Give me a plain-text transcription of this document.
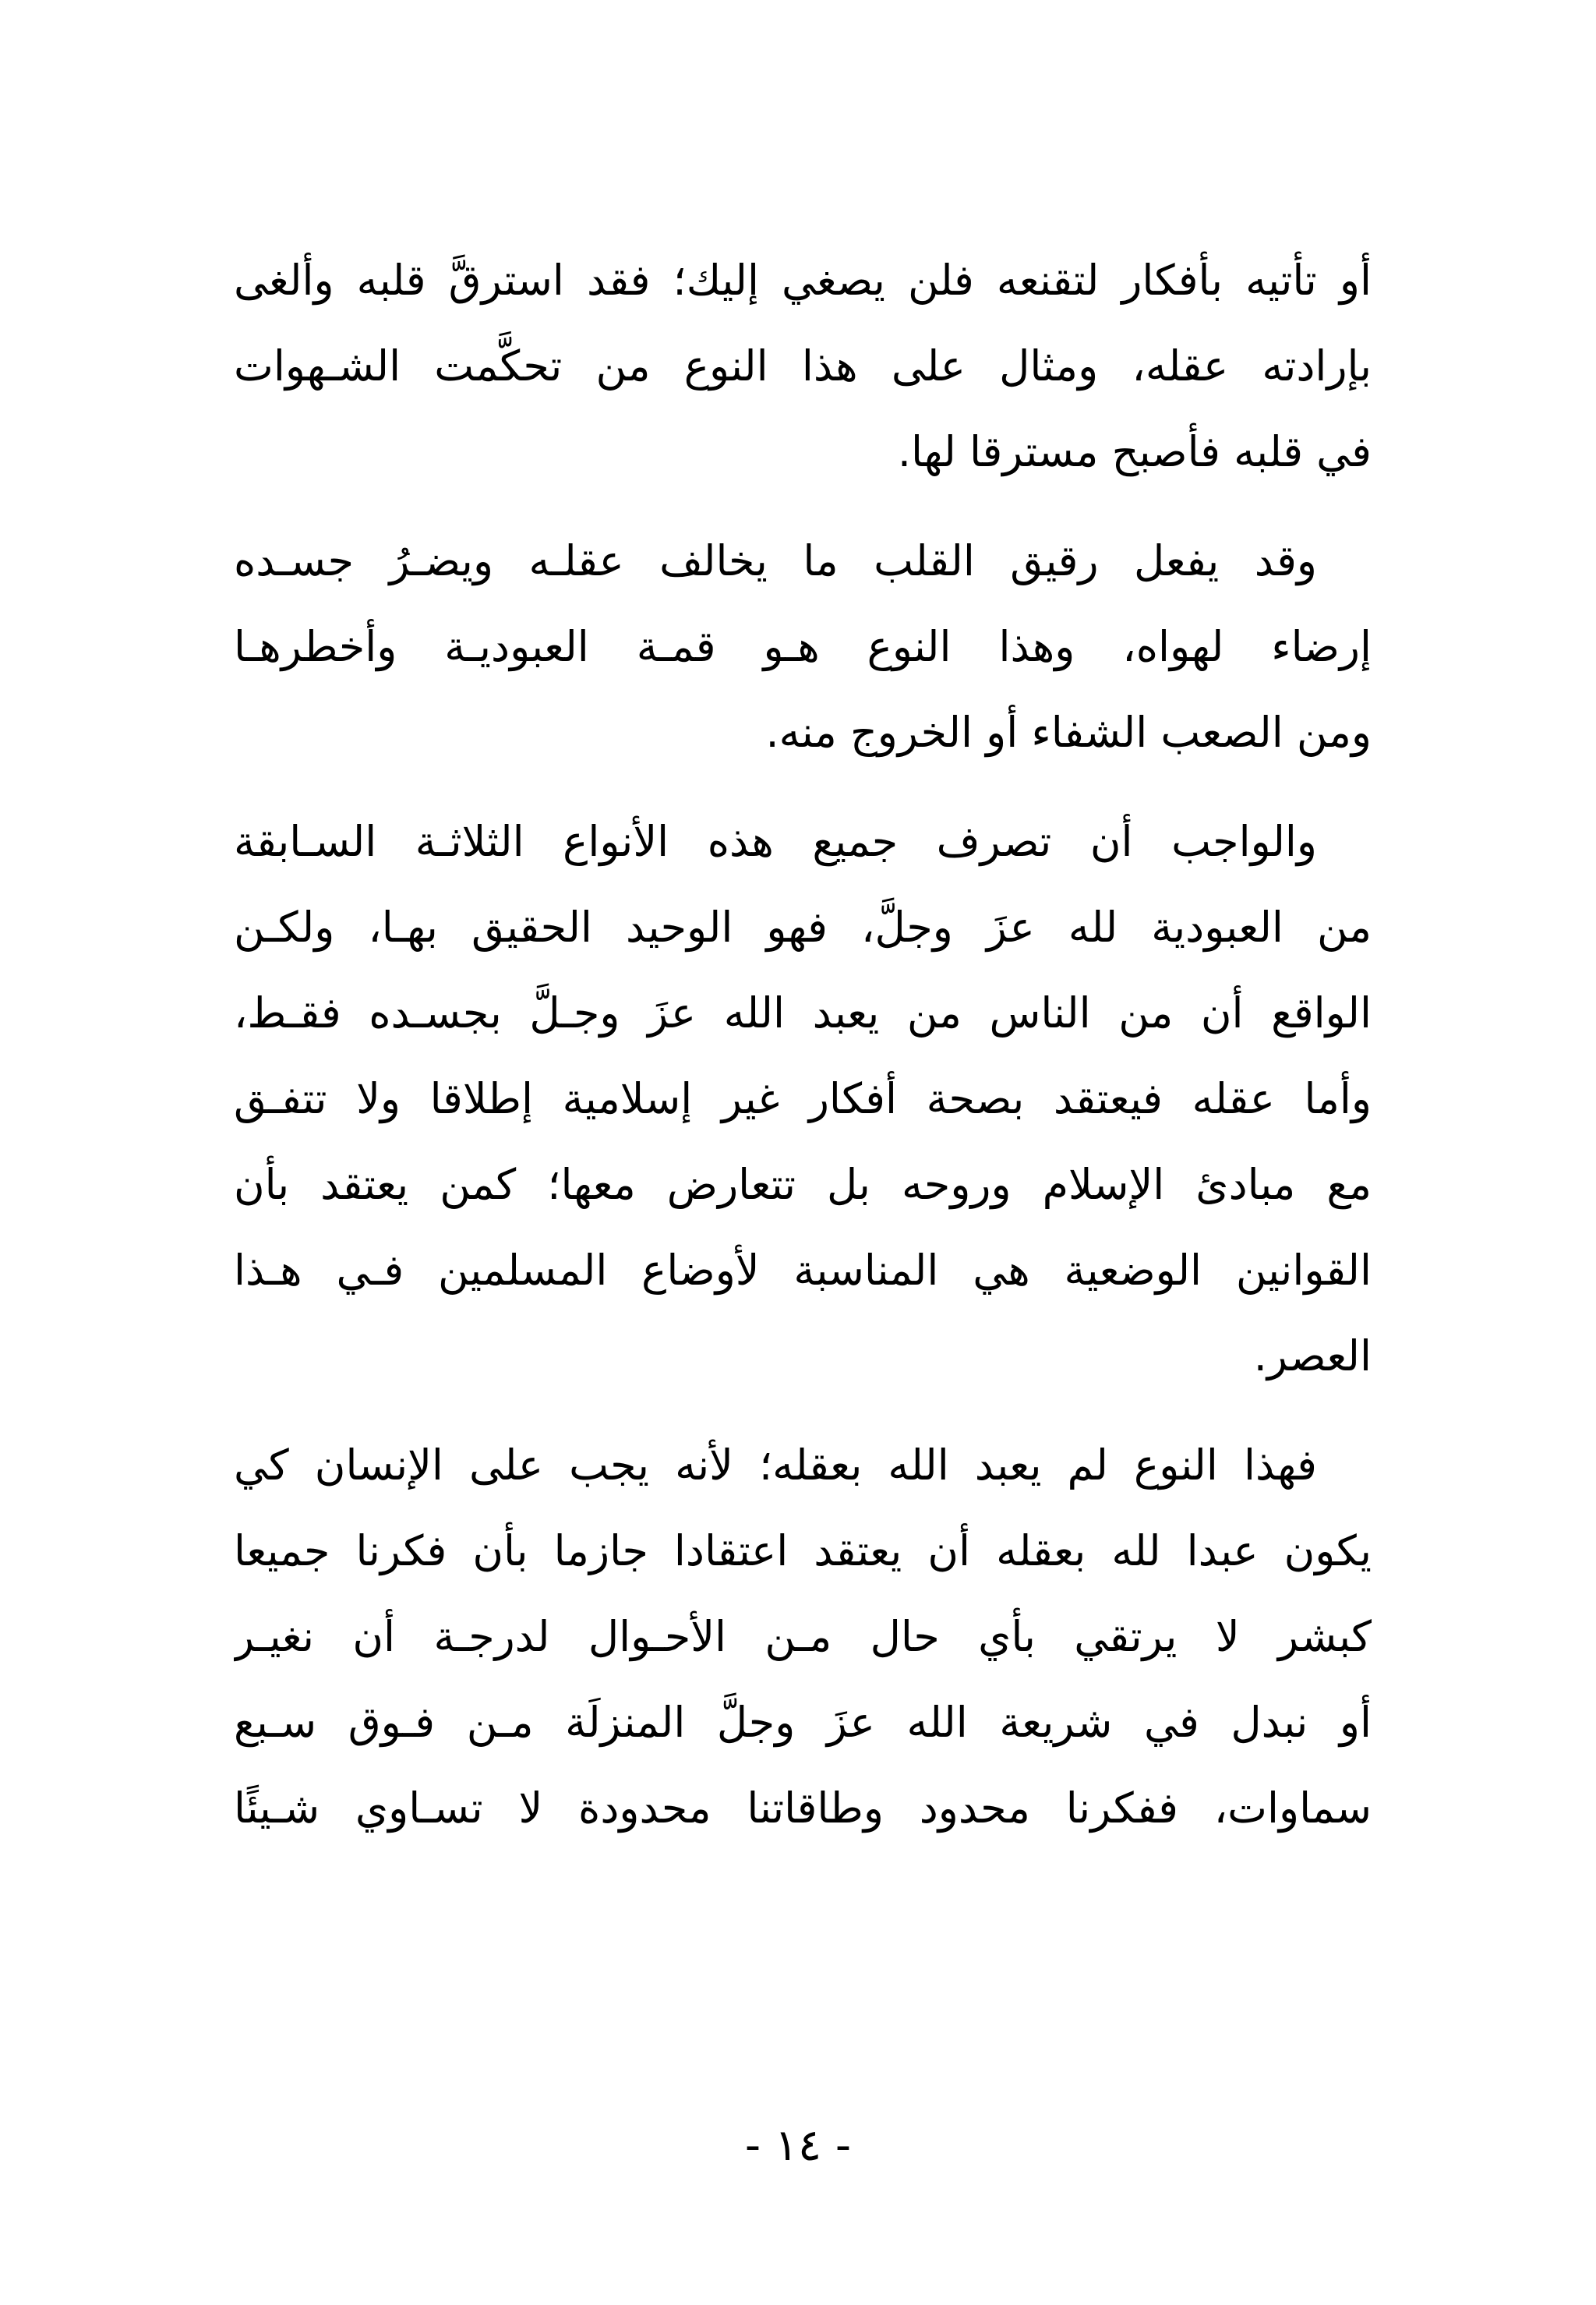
أو تأتيه بأفكار لتقنعه فلن يصغي إليك؛ فقد استرقَّ قلبه وألغى
بإرادته عقله، ومثال على هذا النوع من تحكَّمت الشـهوات
في قلبه فأصبح مسترقا لها.
وقد يفعل رقيق القلب ما يخالف عقلـه ويضـرُ جسـده
إرضاء لهواه، وهذا النوع هـو قمـة العبوديـة وأخطرهـا
ومن الصعب الشفاء أو الخروج منه.
والواجب أن تصرف جميع هذه الأنواع الثلاثـة السـابقة
من العبودية لله عزَ وجلَّ، فهو الوحيد الحقيق بهـا، ولكـن
الواقع أن من الناس من يعبد الله عزَ وجـلَّ بجسـده فقـط،
وأما عقله فيعتقد بصحة أفكار غير إسلامية إطلاقا ولا تتفـق
مع مبادئ الإسلام وروحه بل تتعارض معها؛ كمن يعتقد بأن
القوانين الوضعية هي المناسبة لأوضاع المسلمين فـي هـذا
العصر.
فهذا النوع لم يعبد الله بعقله؛ لأنه يجب على الإنسان كي
يكون عبدا لله بعقله أن يعتقد اعتقادا جازما بأن فكرنا جميعا
كبشر لا يرتقي بأي حال مـن الأحـوال لدرجـة أن نغيـر
أو نبدل في شريعة الله عزَ وجلَّ المنزلَة مـن فـوق سـبع
سماوات، ففكرنا محدود وطاقاتنا محدودة لا تسـاوي شـيئًا
- ١٤ -
